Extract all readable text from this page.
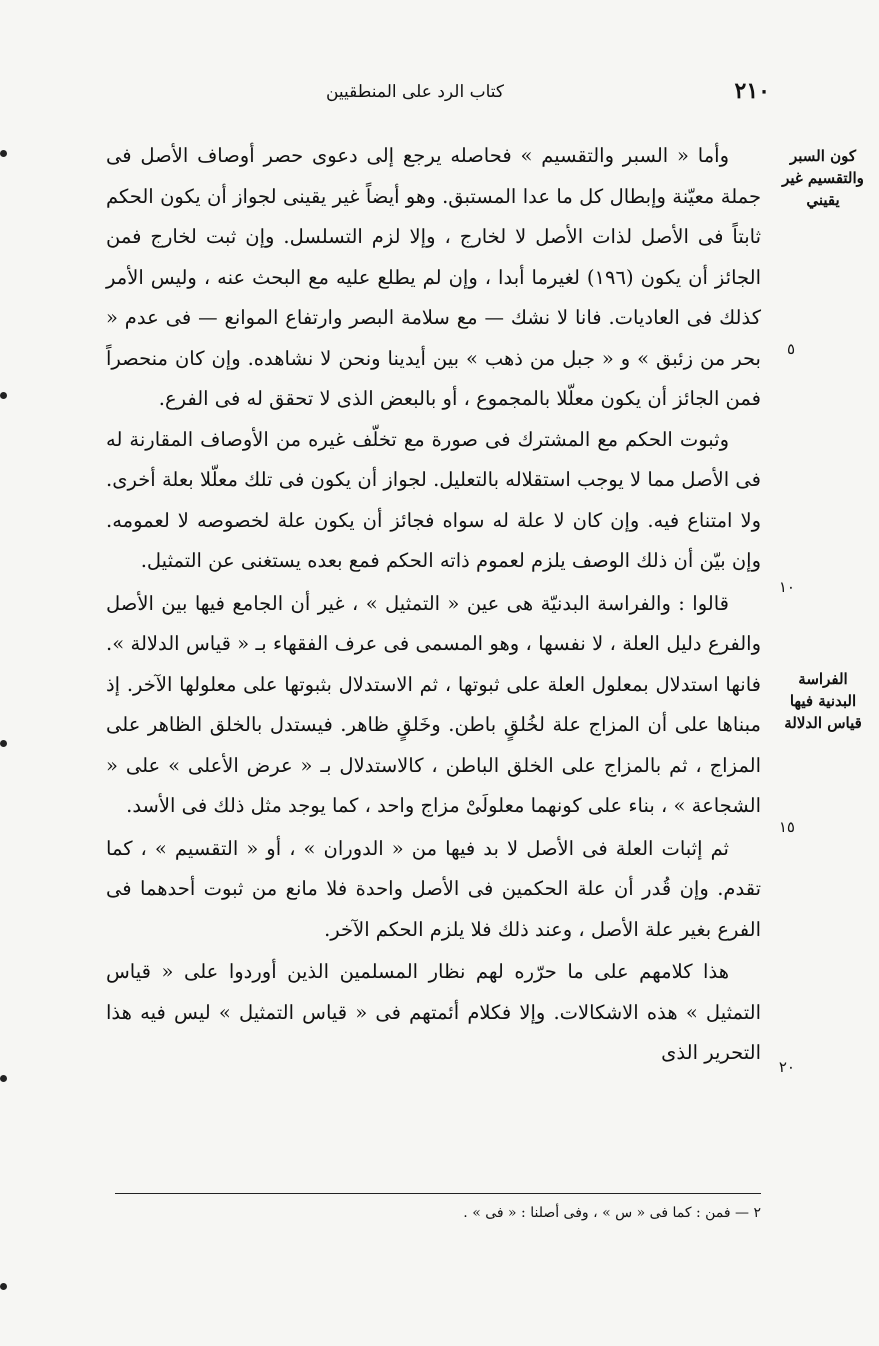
٢١٠
كتاب الرد على المنطقيين
كون السبر والتقسيم غير يقيني
الفراسة البدنية فيها قياس الدلالة
٥
١٠
١٥
٢٠

وأما « السبر والتقسيم » فحاصله يرجع إلى دعوى حصر أوصاف الأصل فى جملة معيّنة وإبطال كل ما عدا المستبق. وهو أيضاً غير يقينى لجواز أن يكون الحكم ثابتاً فى الأصل لذات الأصل لا لخارج ، وإلا لزم التسلسل. وإن ثبت لخارج فمن الجائز أن يكون (١٩٦) لغيرما أبدا ، وإن لم يطلع عليه مع البحث عنه ، وليس الأمر كذلك فى العاديات. فانا لا نشك — مع سلامة البصر وارتفاع الموانع — فى عدم « بحر من زئبق » و « جبل من ذهب » بين أيدينا ونحن لا نشاهده. وإن كان منحصراً فمن الجائز أن يكون معلّلا بالمجموع ، أو بالبعض الذى لا تحقق له فى الفرع.

وثبوت الحكم مع المشترك فى صورة مع تخلّف غيره من الأوصاف المقارنة له فى الأصل مما لا يوجب استقلاله بالتعليل. لجواز أن يكون فى تلك معلّلا بعلة أخرى. ولا امتناع فيه. وإن كان لا علة له سواه فجائز أن يكون علة لخصوصه لا لعمومه. وإن بيّن أن ذلك الوصف يلزم لعموم ذاته الحكم فمع بعده يستغنى عن التمثيل.

قالوا : والفراسة البدنيّة هى عين « التمثيل » ، غير أن الجامع فيها بين الأصل والفرع دليل العلة ، لا نفسها ، وهو المسمى فى عرف الفقهاء بـ « قياس الدلالة ». فانها استدلال بمعلول العلة على ثبوتها ، ثم الاستدلال بثبوتها على معلولها الآخر. إذ مبناها على أن المزاج علة لخُلقٍ باطن. وخَلقٍ ظاهر. فيستدل بالخلق الظاهر على المزاج ، ثم بالمزاج على الخلق الباطن ، كالاستدلال بـ « عرض الأعلى » على « الشجاعة » ، بناء على كونهما معلولَىْ مزاج واحد ، كما يوجد مثل ذلك فى الأسد.

ثم إثبات العلة فى الأصل لا بد فيها من « الدوران » ، أو « التقسيم » ، كما تقدم. وإن قُدر أن علة الحكمين فى الأصل واحدة فلا مانع من ثبوت أحدهما فى الفرع بغير علة الأصل ، وعند ذلك فلا يلزم الحكم الآخر.

هذا كلامهم على ما حرّره لهم نظار المسلمين الذين أوردوا على « قياس التمثيل » هذه الاشكالات. وإلا فكلام أئمتهم فى « قياس التمثيل » ليس فيه هذا التحرير الذى

٢ — فمن : كما فى « س » ، وفى أصلنا : « فى » .
